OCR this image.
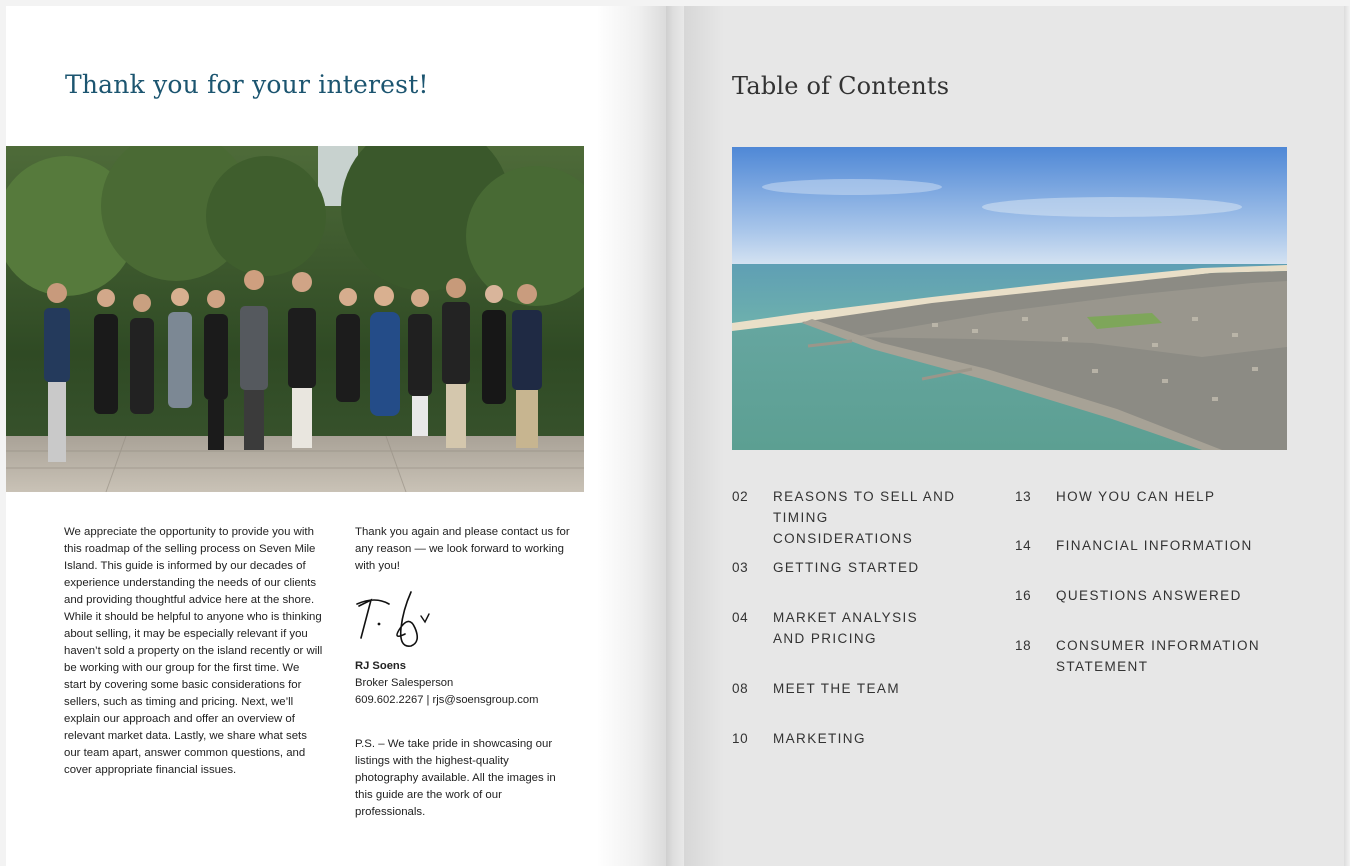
Thank you for your interest!

We appreciate the opportunity to provide you with this roadmap of the selling process on Seven Mile Island. This guide is informed by our decades of experience understanding the needs of our clients and providing thoughtful advice here at the shore. While it should be helpful to anyone who is thinking about selling, it may be especially relevant if you haven’t sold a property on the island recently or will be working with our group for the first time. We start by covering some basic considerations for sellers, such as timing and pricing. Next, we’ll explain our approach and offer an overview of relevant market data. Lastly, we share what sets our team apart, answer common questions, and cover appropriate financial issues.

Thank you again and please contact us for any reason — we look forward to working with you!

RJ Soens
Broker Salesperson
609.602.2267 | rjs@soensgroup.com

P.S. – We take pride in showcasing our listings with the highest-quality photography available. All the images in this guide are the work of our professionals.

Table of Contents
02	REASONS TO SELL AND TIMING CONSIDERATIONS
03	GETTING STARTED
04	MARKET ANALYSIS AND PRICING
08	MEET THE TEAM
10	MARKETING
13	HOW YOU CAN HELP
14	FINANCIAL INFORMATION
16	QUESTIONS ANSWERED
18	CONSUMER INFORMATION STATEMENT
